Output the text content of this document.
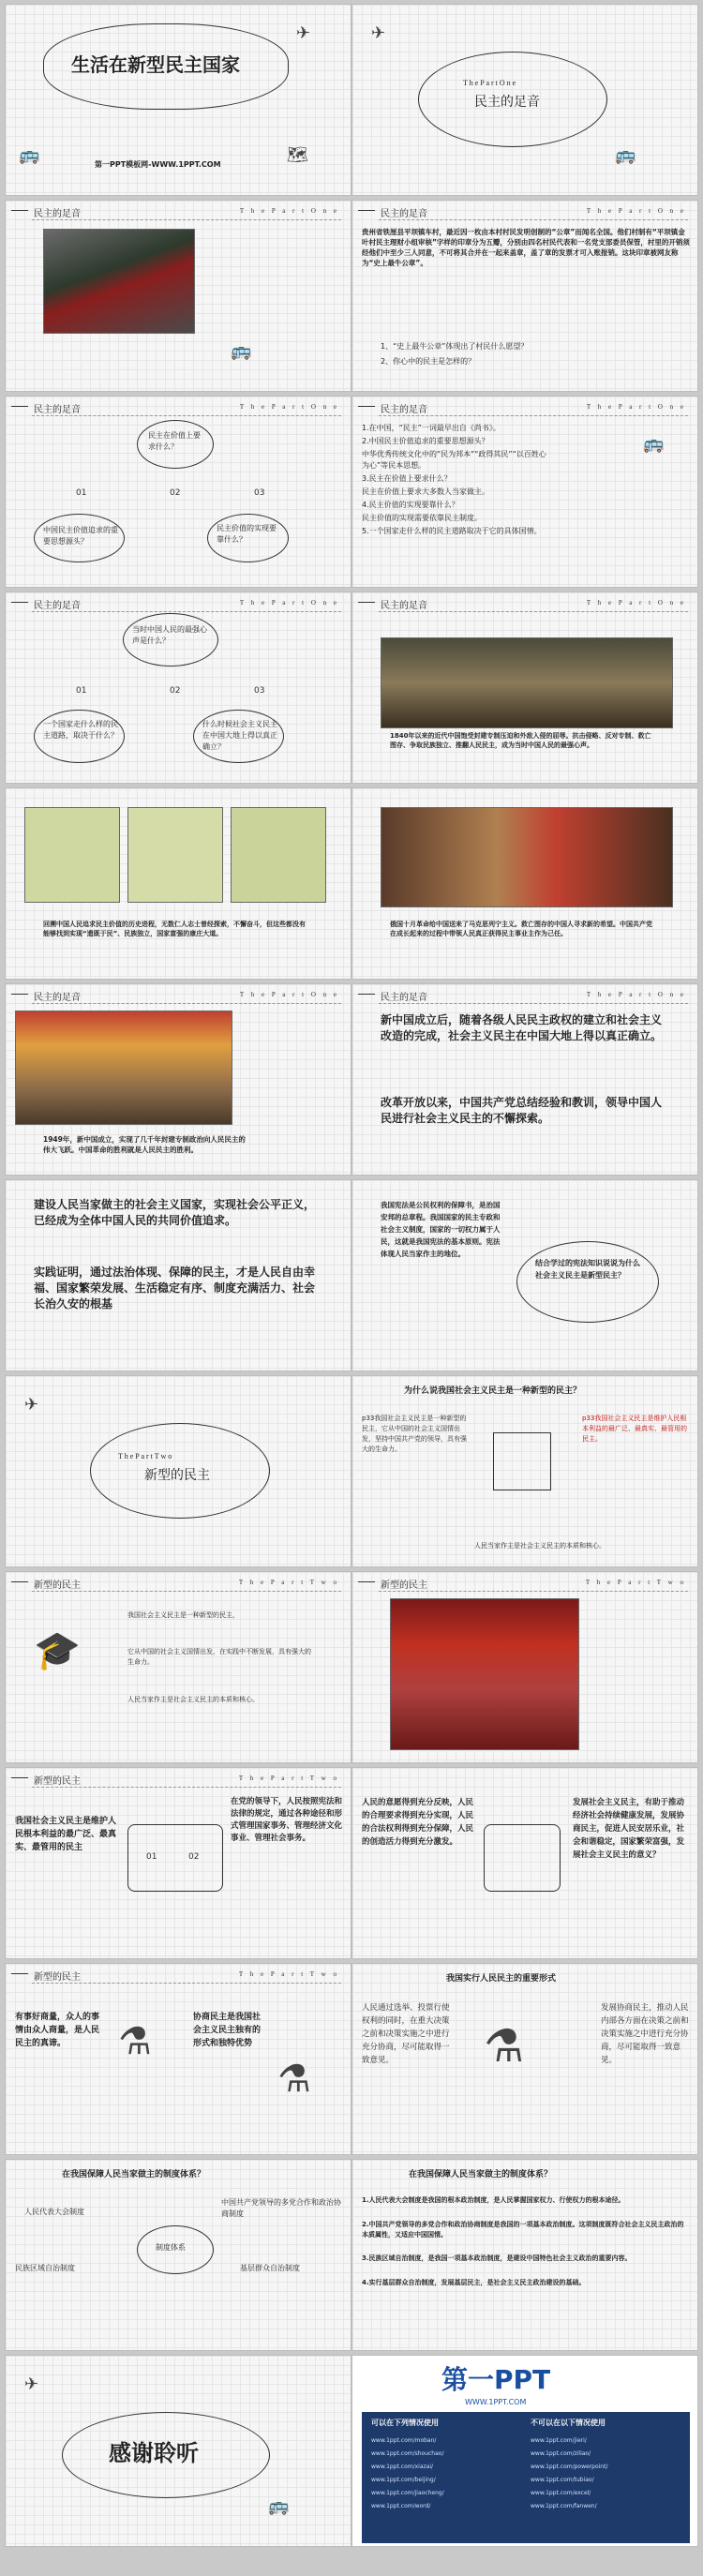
生活在新型民主国家
第一PPT模板网-WWW.1PPT.COM
🚌	🗺
✈
T h e P a r t O n e
民主的足音
🚌
✈
民主的足音	T h e P a r t O n e
🚌
民主的足音	T h e P a r t O n e
贵州省铁厘县平坝镇车村，最近因一枚由本村村民发明创制的“公章”而闻名全国。他们村制有“平坝镇金叶村民主理财小组审核”字样的印章分为五瓣，分别由四名村民代表和一名党支部委员保管，村里的开销须经他们中至少三人同意，不可将其合并在一起来盖章，盖了章的发票才可入账报销。这块印章被网友称为“史上最牛公章”。
1、“史上最牛公章”体现出了村民什么愿望？
2、你心中的民主是怎样的？
民主的足音	T h e P a r t O n e
民主在价值上要求什么？
中国民主价值追求的重要思想源头？
民主价值的实现要靠什么？
01	02	03
民主的足音	T h e P a r t O n e
1.在中国，“民主”一词最早出自《尚书》。
2.中国民主价值追求的重要思想源头？
中华优秀传统文化中的“民为邦本”“政得其民”“以百姓心为心”等民本思想。
3.民主在价值上要求什么？
民主在价值上要求大多数人当家做主。
4.民主价值的实现要靠什么？
民主价值的实现需要依靠民主制度。
5.一个国家走什么样的民主道路取决于它的具体国情。
🚌
民主的足音	T h e P a r t O n e
当时中国人民的最强心声是什么？
一个国家走什么样的民主道路，取决于什么？
什么时候社会主义民主在中国大地上得以真正确立？
01	02	03
民主的足音	T h e P a r t O n e
1840年以来的近代中国饱受封建专制压迫和外敌入侵的屈辱。抗击侵略、反对专制、救亡图存、争取民族独立、推翻人民民主，成为当时中国人民的最强心声。
回溯中国人民追求民主价值的历史进程，无数仁人志士曾经探索，不懈奋斗，但这些都没有能够找到实现“遗既于民”、民族独立，国家富强的康庄大道。
俄国十月革命给中国送来了马克思列宁主义。救亡图存的中国人寻求新的希望。中国共产党在成长起来的过程中带领人民真正获得民主事业主作为己任。
民主的足音	T h e P a r t O n e
1949年，新中国成立，实现了几千年封建专制政治向人民民主的伟大飞跃。中国革命的胜利就是人民民主的胜利。
民主的足音	T h e P a r t O n e
新中国成立后，随着各级人民民主政权的建立和社会主义改造的完成，社会主义民主在中国大地上得以真正确立。
改革开放以来，中国共产党总结经验和教训，领导中国人民进行社会主义民主的不懈探索。
建设人民当家做主的社会主义国家，实现社会公平正义，已经成为全体中国人民的共同价值追求。
实践证明，通过法治体现、保障的民主，才是人民自由幸福、国家繁荣发展、生活稳定有序、制度充满活力、社会长治久安的根基
我国宪法是公民权利的保障书，是治国安邦的总章程。我国国家的民主专政和社会主义制度，国家的一切权力属于人民，这就是我国宪法的基本原则。宪法体现人民当家作主的地位。
结合学过的宪法知识说说为什么社会主义民主是新型民主？
T h e P a r t T w o
新型的民主
✈
为什么说我国社会主义民主是一种新型的民主？
p33我国社会主义民主是一种新型的民主，它从中国的社会主义国情出发，坚持中国共产党的领导，具有强大的生命力。
p33我国社会主义民主是维护人民根本利益的最广泛、最真实、最管用的民主。
人民当家作主是社会主义民主的本质和核心。
新型的民主	T h e P a r t T w o
🎓
我国社会主义民主是一种新型的民主，
它从中国的社会主义国情出发，在实践中不断发展，具有强大的生命力。
人民当家作主是社会主义民主的本质和核心。
新型的民主	T h e P a r t T w o
新型的民主	T h e P a r t T w o
我国社会主义民主是维护人民根本利益的最广泛、最真实、最管用的民主
01	02
在党的领导下，人民按照宪法和法律的规定，通过各种途径和形式管理国家事务、管理经济文化事业、管理社会事务。
人民的意愿得到充分反映，人民的合理要求得到充分实现，人民的合法权利得到充分保障，人民的创造活力得到充分激发。
发展社会主义民主，有助于推动经济社会持续健康发展，发展协商民主，促进人民安居乐业，社会和谐稳定，国家繁荣富强，发展社会主义民主的意义？
新型的民主	T h e P a r t T w o
有事好商量，众人的事情由众人商量，是人民民主的真谛。	⚗
协商民主是我国社会主义民主独有的形式和独特优势
⚗
我国实行人民民主的重要形式
人民通过选举、投票行使权利的同时，在重大决策之前和决策实施之中进行充分协商，尽可能取得一致意见。	⚗
发展协商民主，推动人民内部各方面在决策之前和决策实施之中进行充分协商，尽可能取得一致意见。
在我国保障人民当家做主的制度体系？
制度体系
人民代表大会制度
中国共产党领导的多党合作和政治协商制度
民族区域自治制度	基层群众自治制度
在我国保障人民当家做主的制度体系？
1.人民代表大会制度是我国的根本政治制度，是人民掌握国家权力、行使权力的根本途径。
2.中国共产党领导的多党合作和政治协商制度是我国的一项基本政治制度。这项制度既符合社会主义民主政治的本质属性，又适应中国国情。
3.民族区域自治制度，是我国一项基本政治制度，是建设中国特色社会主义政治的重要内容。
4.实行基层群众自治制度，发展基层民主，是社会主义民主政治建设的基础。
感谢聆听
✈
🚌
第一PPT
WWW.1PPT.COM
可以在下列情况使用	不可以在以下情况使用
www.1ppt.com/moban/	www.1ppt.com/jieri/
www.1ppt.com/shouchao/	www.1ppt.com/ziliao/
www.1ppt.com/xiazai/	www.1ppt.com/powerpoint/
www.1ppt.com/beijing/	www.1ppt.com/tubiao/
www.1ppt.com/jiaocheng/	www.1ppt.com/excel/
www.1ppt.com/word/	www.1ppt.com/fanwen/
